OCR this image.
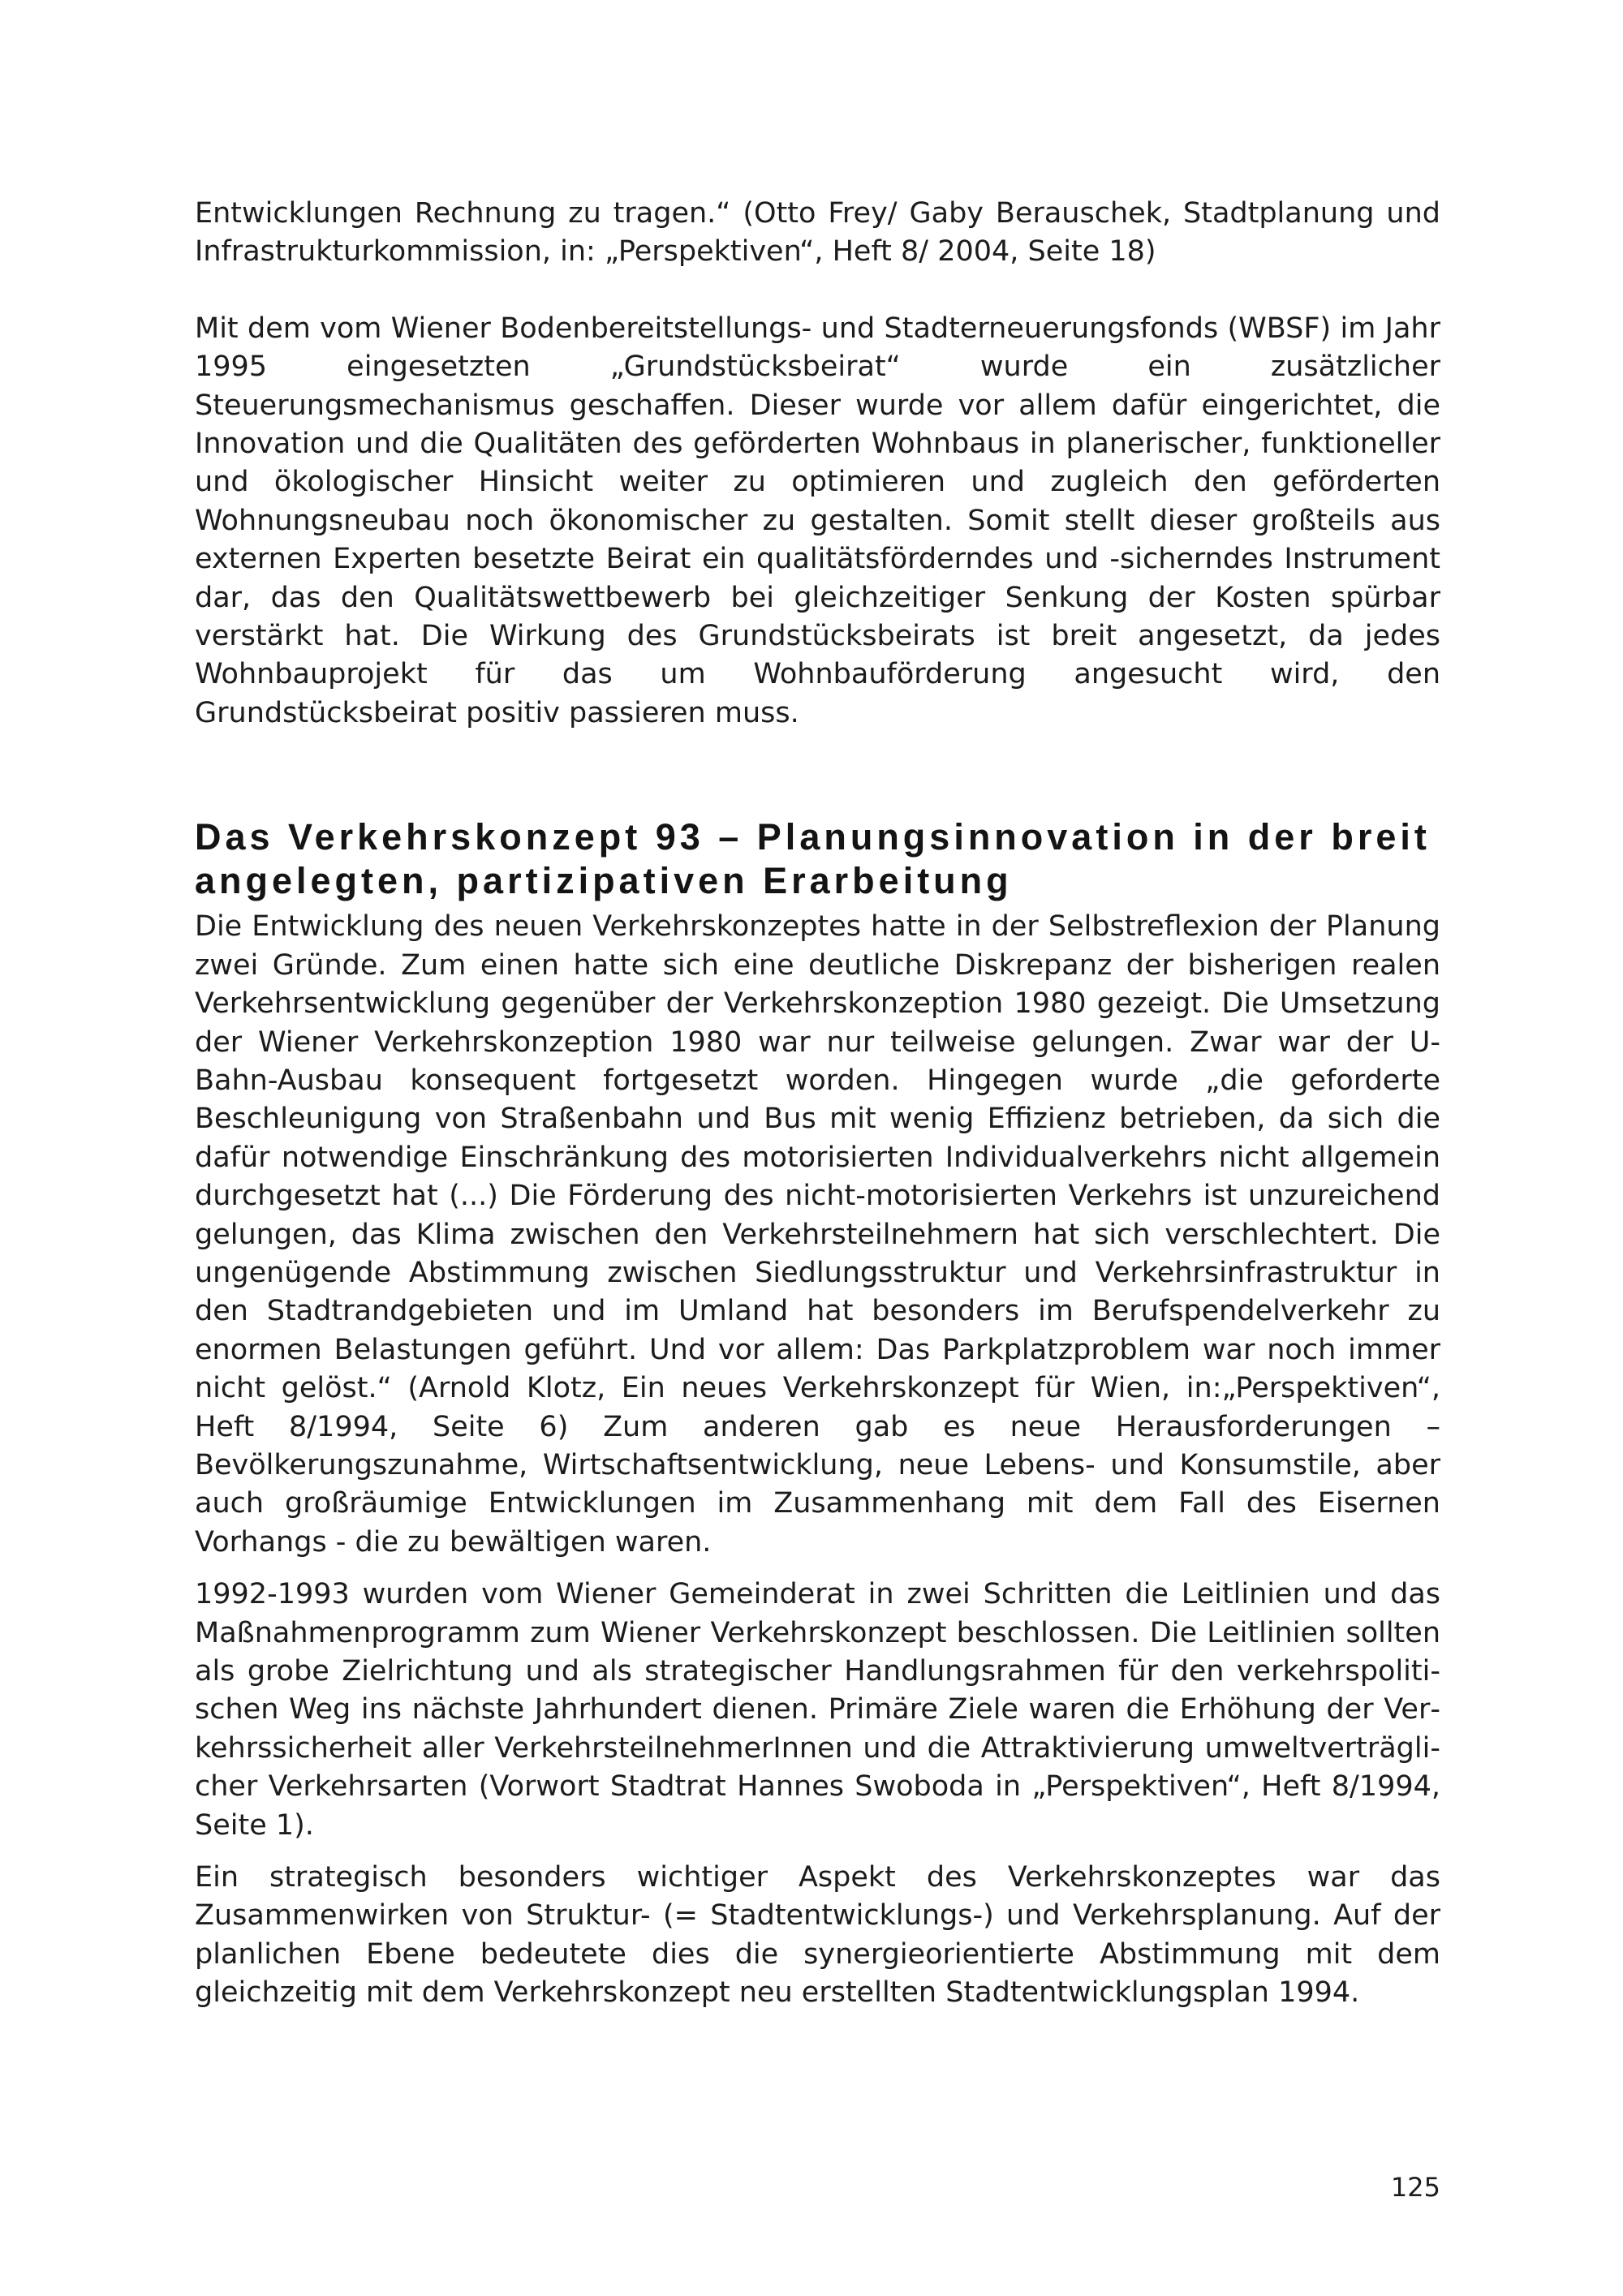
Entwicklungen Rechnung zu tragen.“ (Otto Frey/ Gaby Berauschek, Stadtplanung und Infrastrukturkommission, in: „Perspektiven“, Heft 8/ 2004, Seite 18)

Mit dem vom Wiener Bodenbereitstellungs- und Stadterneuerungsfonds (WBSF) im Jahr 1995 eingesetzten „Grundstücksbeirat“ wurde ein zusätzlicher Steuerungsmechanismus geschaffen. Dieser wurde vor allem dafür eingerichtet, die Innovation und die Qualitäten des geförderten Wohnbaus in planerischer, funktioneller und ökologischer Hinsicht weiter zu optimieren und zugleich den geförderten Wohnungsneubau noch ökonomischer zu gestalten. Somit stellt dieser großteils aus externen Experten besetzte Beirat ein qualitätsförderndes und -sicherndes Instrument dar, das den Qualitätswettbewerb bei gleichzeitiger Senkung der Kosten spürbar verstärkt hat. Die Wirkung des Grundstücksbeirats ist breit angesetzt, da jedes Wohnbauprojekt für das um Wohnbauförderung angesucht wird, den Grundstücksbeirat positiv passieren muss.

Das Verkehrskonzept 93 – Planungsinnovation in der breit angelegten, partizipativen Erarbeitung

Die Entwicklung des neuen Verkehrskonzeptes hatte in der Selbstreflexion der Planung zwei Gründe. Zum einen hatte sich eine deutliche Diskrepanz der bisherigen realen Verkehrsentwicklung gegenüber der Verkehrskonzeption 1980 gezeigt. Die Umsetzung der Wiener Verkehrskonzeption 1980 war nur teilweise gelungen. Zwar war der U-Bahn-Ausbau konsequent fortgesetzt worden. Hingegen wurde „die geforderte Beschleunigung von Straßenbahn und Bus mit wenig Effizienz betrieben, da sich die dafür notwendige Einschränkung des motorisierten Individualverkehrs nicht allgemein durchgesetzt hat (...) Die Förderung des nicht-motorisierten Verkehrs ist unzureichend gelungen, das Klima zwischen den Verkehrsteilnehmern hat sich verschlechtert. Die ungenügende Abstimmung zwischen Siedlungsstruktur und Verkehrsinfrastruktur in den Stadtrandgebieten und im Umland hat besonders im Berufspendelverkehr zu enormen Belastungen geführt. Und vor allem: Das Parkplatzproblem war noch immer nicht gelöst.“ (Arnold Klotz, Ein neues Verkehrskonzept für Wien, in:„Perspektiven“, Heft 8/1994, Seite 6) Zum anderen gab es neue Herausforderungen – Bevölkerungszunahme, Wirtschaftsentwicklung, neue Lebens- und Konsumstile, aber auch großräumige Entwicklungen im Zusammenhang mit dem Fall des Eisernen Vorhangs - die zu bewältigen waren.

1992-1993 wurden vom Wiener Gemeinderat in zwei Schritten die Leitlinien und das Maßnahmenprogramm zum Wiener Verkehrskonzept beschlossen. Die Leitlinien sollten als grobe Zielrichtung und als strategischer Handlungsrahmen für den verkehrspolitischen Weg ins nächste Jahrhundert dienen. Primäre Ziele waren die Erhöhung der Verkehrssicherheit aller VerkehrsteilnehmerInnen und die Attraktivierung umweltverträglicher Verkehrsarten (Vorwort Stadtrat Hannes Swoboda in „Perspektiven“, Heft 8/1994, Seite 1).

Ein strategisch besonders wichtiger Aspekt des Verkehrskonzeptes war das Zusammenwirken von Struktur- (= Stadtentwicklungs-) und Verkehrsplanung. Auf der planlichen Ebene bedeutete dies die synergieorientierte Abstimmung mit dem gleichzeitig mit dem Verkehrskonzept neu erstellten Stadtentwicklungsplan 1994.

125
